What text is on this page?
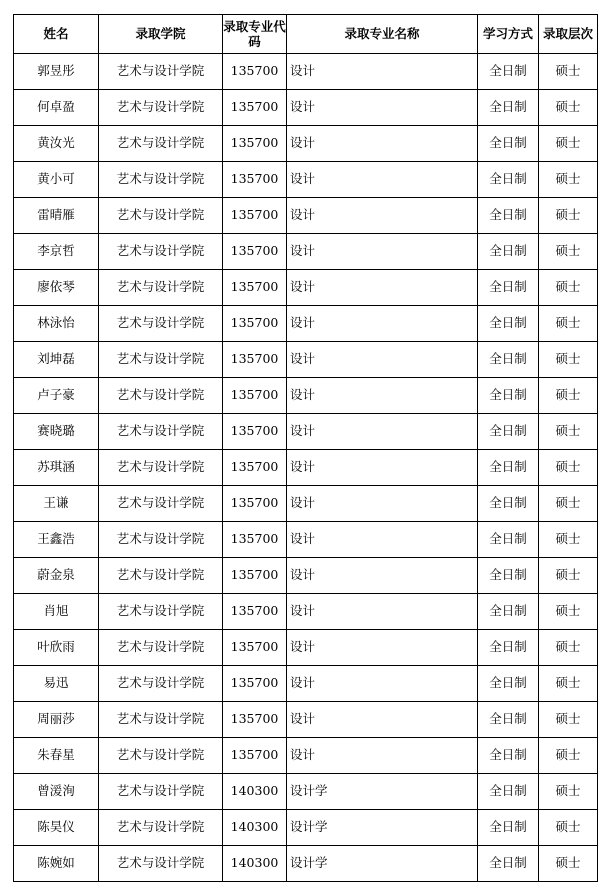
姓名	录取学院	录取专业代码	录取专业名称	学习方式	录取层次
郭昱彤	艺术与设计学院	135700	设计	全日制	硕士
何卓盈	艺术与设计学院	135700	设计	全日制	硕士
黄汝光	艺术与设计学院	135700	设计	全日制	硕士
黄小可	艺术与设计学院	135700	设计	全日制	硕士
雷晴雁	艺术与设计学院	135700	设计	全日制	硕士
李京哲	艺术与设计学院	135700	设计	全日制	硕士
廖依琴	艺术与设计学院	135700	设计	全日制	硕士
林泳怡	艺术与设计学院	135700	设计	全日制	硕士
刘坤磊	艺术与设计学院	135700	设计	全日制	硕士
卢子豪	艺术与设计学院	135700	设计	全日制	硕士
赛晓璐	艺术与设计学院	135700	设计	全日制	硕士
苏琪涵	艺术与设计学院	135700	设计	全日制	硕士
王谦	艺术与设计学院	135700	设计	全日制	硕士
王鑫浩	艺术与设计学院	135700	设计	全日制	硕士
蔚金泉	艺术与设计学院	135700	设计	全日制	硕士
肖旭	艺术与设计学院	135700	设计	全日制	硕士
叶欣雨	艺术与设计学院	135700	设计	全日制	硕士
易迅	艺术与设计学院	135700	设计	全日制	硕士
周丽莎	艺术与设计学院	135700	设计	全日制	硕士
朱春星	艺术与设计学院	135700	设计	全日制	硕士
曾湲洵	艺术与设计学院	140300	设计学	全日制	硕士
陈昊仪	艺术与设计学院	140300	设计学	全日制	硕士
陈婉如	艺术与设计学院	140300	设计学	全日制	硕士
